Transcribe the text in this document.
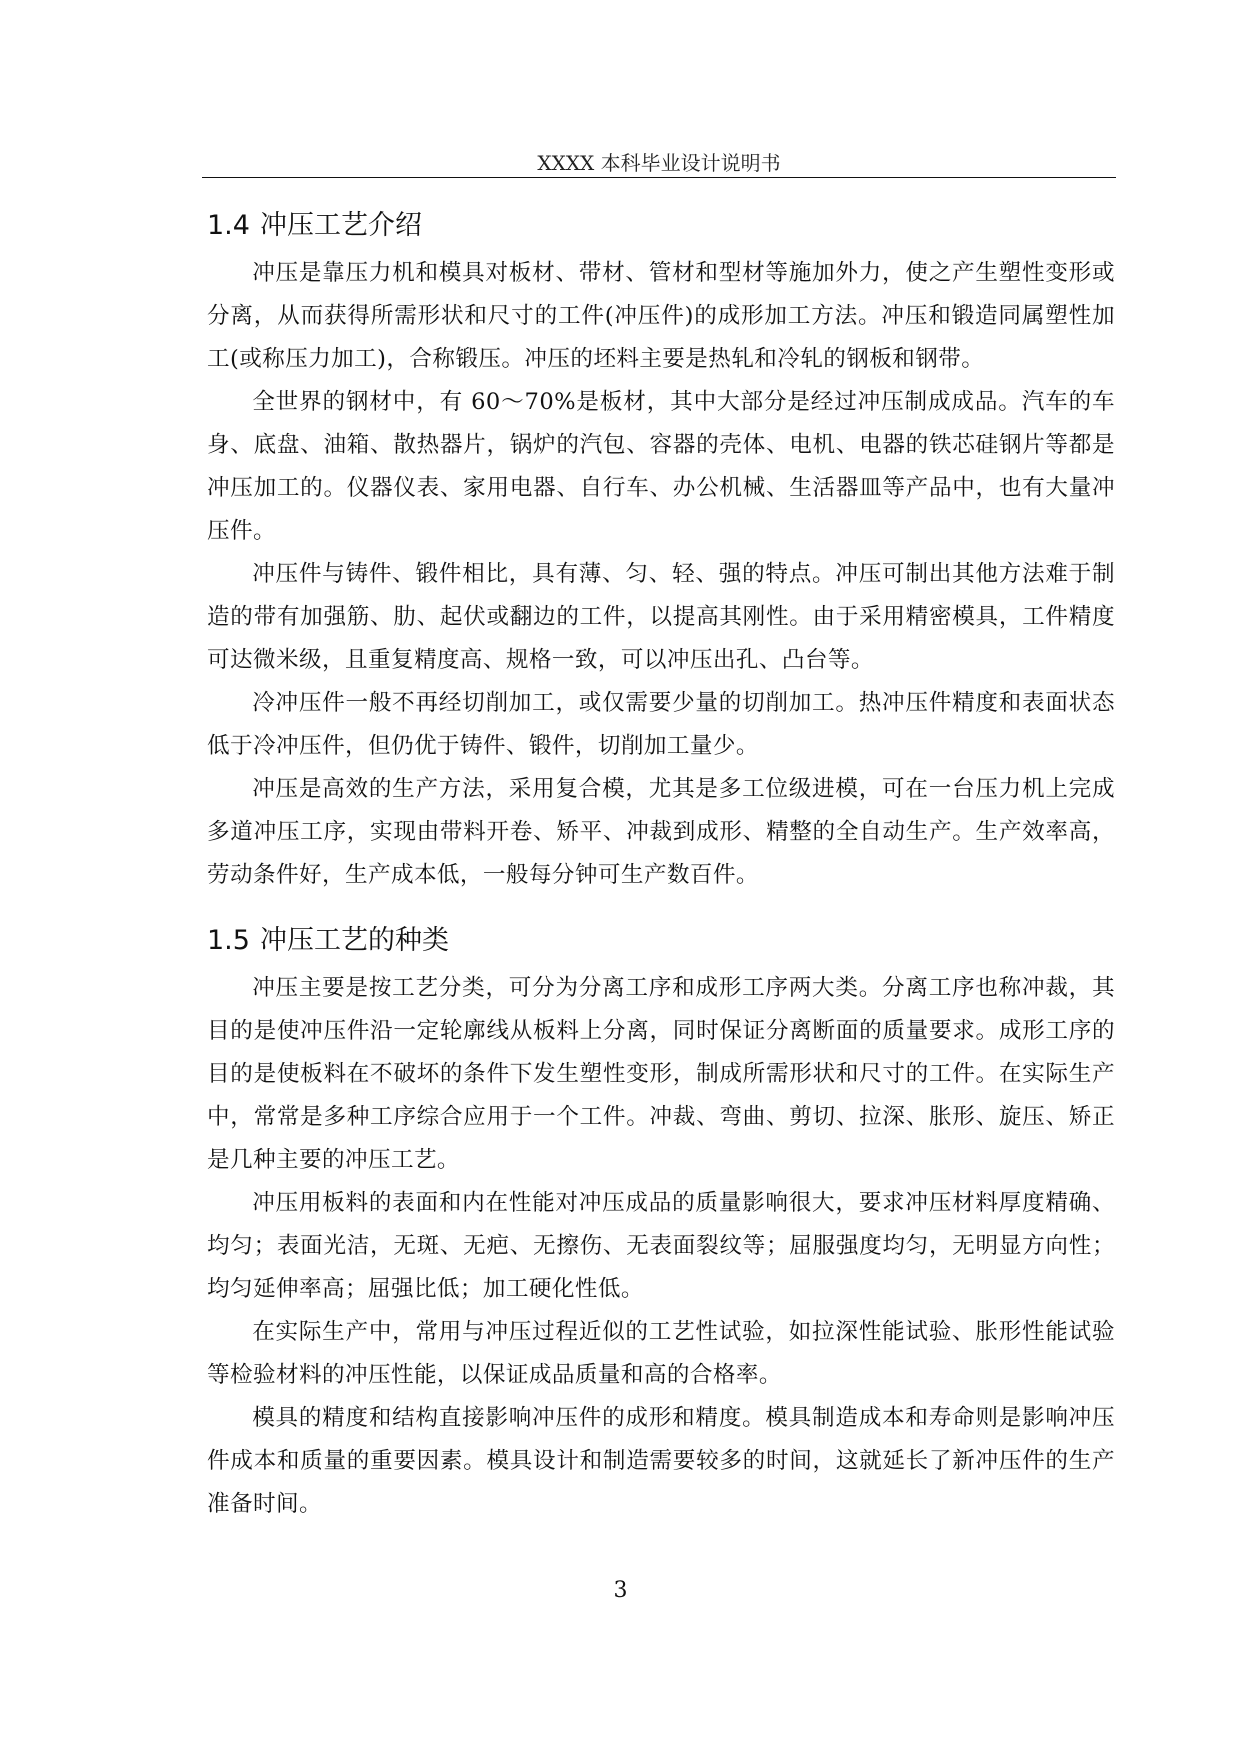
XXXX 本科毕业设计说明书
1.4 冲压工艺介绍

冲压是靠压力机和模具对板材、带材、管材和型材等施加外力，使之产生塑性变形或分离，从而获得所需形状和尺寸的工件(冲压件)的成形加工方法。冲压和锻造同属塑性加工(或称压力加工)，合称锻压。冲压的坯料主要是热轧和冷轧的钢板和钢带。

全世界的钢材中，有 60～70%是板材，其中大部分是经过冲压制成成品。汽车的车身、底盘、油箱、散热器片，锅炉的汽包、容器的壳体、电机、电器的铁芯硅钢片等都是冲压加工的。仪器仪表、家用电器、自行车、办公机械、生活器皿等产品中，也有大量冲压件。

冲压件与铸件、锻件相比，具有薄、匀、轻、强的特点。冲压可制出其他方法难于制造的带有加强筋、肋、起伏或翻边的工件，以提高其刚性。由于采用精密模具，工件精度可达微米级，且重复精度高、规格一致，可以冲压出孔、凸台等。

冷冲压件一般不再经切削加工，或仅需要少量的切削加工。热冲压件精度和表面状态低于冷冲压件，但仍优于铸件、锻件，切削加工量少。

冲压是高效的生产方法，采用复合模，尤其是多工位级进模，可在一台压力机上完成多道冲压工序，实现由带料开卷、矫平、冲裁到成形、精整的全自动生产。生产效率高，劳动条件好，生产成本低，一般每分钟可生产数百件。

1.5 冲压工艺的种类

冲压主要是按工艺分类，可分为分离工序和成形工序两大类。分离工序也称冲裁，其目的是使冲压件沿一定轮廓线从板料上分离，同时保证分离断面的质量要求。成形工序的目的是使板料在不破坏的条件下发生塑性变形，制成所需形状和尺寸的工件。在实际生产中，常常是多种工序综合应用于一个工件。冲裁、弯曲、剪切、拉深、胀形、旋压、矫正是几种主要的冲压工艺。

冲压用板料的表面和内在性能对冲压成品的质量影响很大，要求冲压材料厚度精确、均匀；表面光洁，无斑、无疤、无擦伤、无表面裂纹等；屈服强度均匀，无明显方向性；均匀延伸率高；屈强比低；加工硬化性低。

在实际生产中，常用与冲压过程近似的工艺性试验，如拉深性能试验、胀形性能试验等检验材料的冲压性能，以保证成品质量和高的合格率。

模具的精度和结构直接影响冲压件的成形和精度。模具制造成本和寿命则是影响冲压件成本和质量的重要因素。模具设计和制造需要较多的时间，这就延长了新冲压件的生产准备时间。

3
